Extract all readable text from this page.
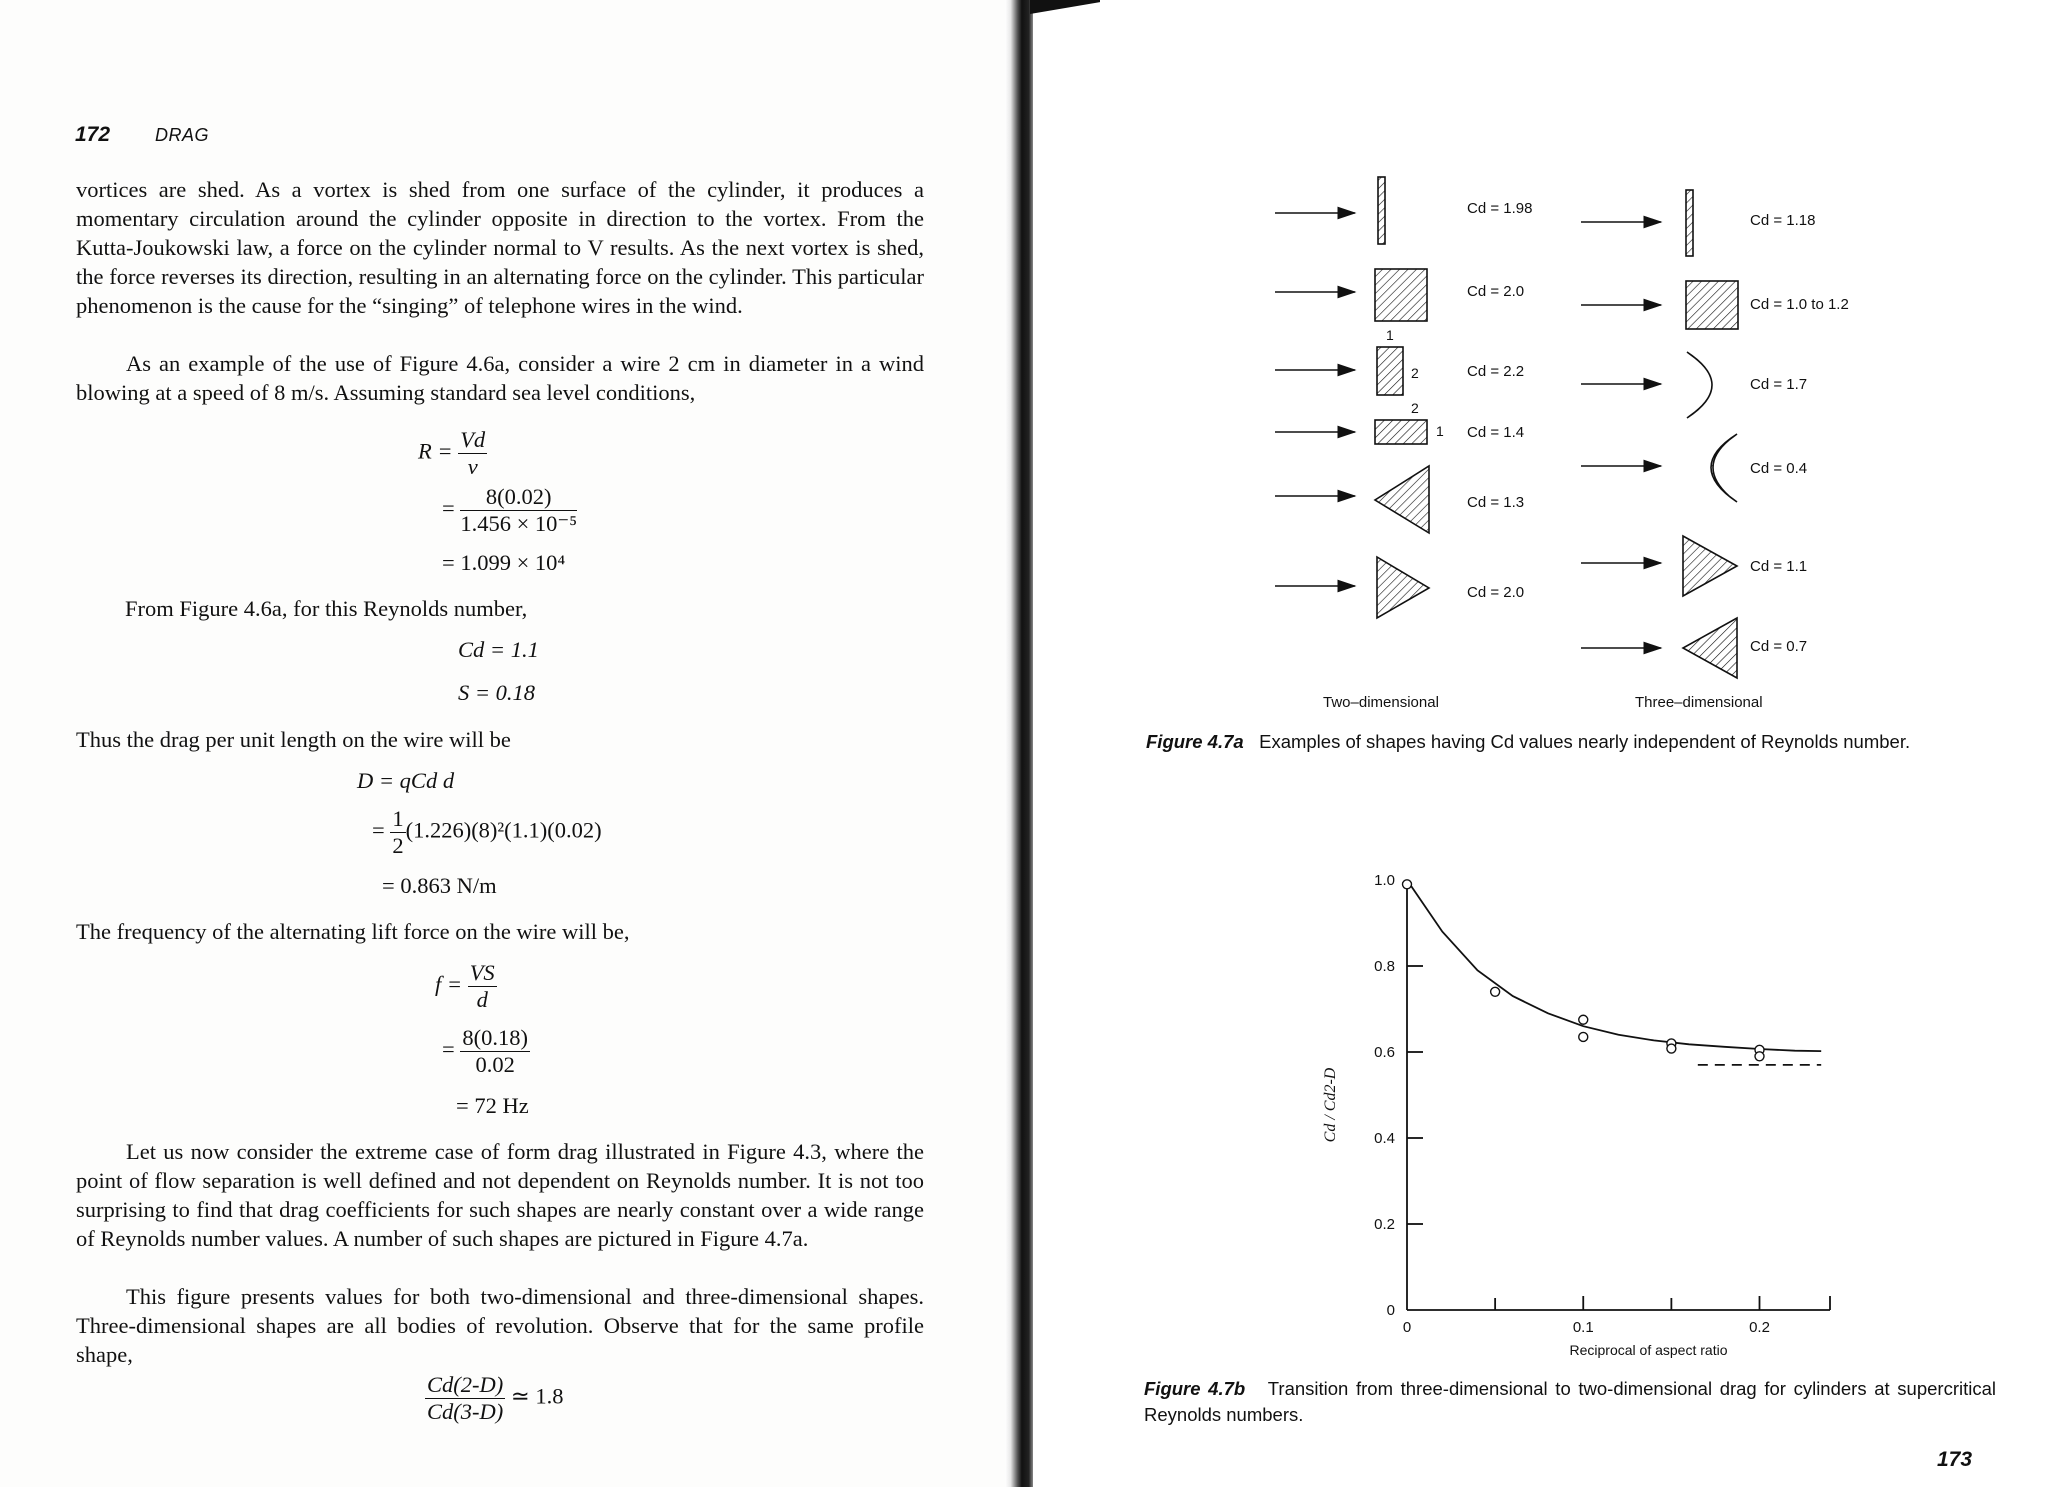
172 DRAG

vortices are shed. As a vortex is shed from one surface of the cylinder, it produces a momentary circulation around the cylinder opposite in direction to the vortex. From the Kutta-Joukowski law, a force on the cylinder normal to V results. As the next vortex is shed, the force reverses its direction, resulting in an alternating force on the cylinder. This particular phenomenon is the cause for the “singing” of telephone wires in the wind.

As an example of the use of Figure 4.6a, consider a wire 2 cm in diameter in a wind blowing at a speed of 8 m/s. Assuming standard sea level conditions,

$R = \frac{Vd}{\nu}$
= $\frac{8(0.02)}{\text{1.456 × 10⁻⁵}}$
= 1.099 × 10⁴

From Figure 4.6a, for this Reynolds number,

Cd = 1.1
S = 0.18

Thus the drag per unit length on the wire will be

D = qCd d
= $\frac{1}{2} (1.226)(8)^2(1.1)(0.02)$
= 0.863 N/m

The frequency of the alternating lift force on the wire will be,

$f = \frac{VS}{d}$
= $\frac{8(0.18)}{0.02}$
= 72 Hz

Let us now consider the extreme case of form drag illustrated in Figure 4.3, where the point of flow separation is well defined and not dependent on Reynolds number. It is not too surprising to find that drag coefficients for such shapes are nearly constant over a wide range of Reynolds number values. A number of such shapes are pictured in Figure 4.7a.

This figure presents values for both two-dimensional and three-dimensional shapes. Three-dimensional shapes are all bodies of revolution. Observe that for the same profile shape,

$\frac{Cd(2-D)}{Cd(3-D)}$ ≃ 1.8
1
2
2
1
Cd = 1.98
Cd = 2.0
Cd = 2.2
Cd = 1.4
Cd = 1.3
Cd = 2.0
Cd = 1.18
Cd = 1.0 to 1.2
Cd = 1.7
Cd = 0.4
Cd = 1.1
Cd = 0.7
Two–dimensional	Three–dimensional
0
0.2
0.4
0.6
0.8
1.0
0	0.1	0.2
Reciprocal of aspect ratio
Cd / Cd2-D
Figure 4.7a Examples of shapes having Cd values nearly independent of Reynolds number.
Figure 4.7b Transition from three-dimensional to two-dimensional drag for cylinders at supercritical Reynolds numbers.
173
